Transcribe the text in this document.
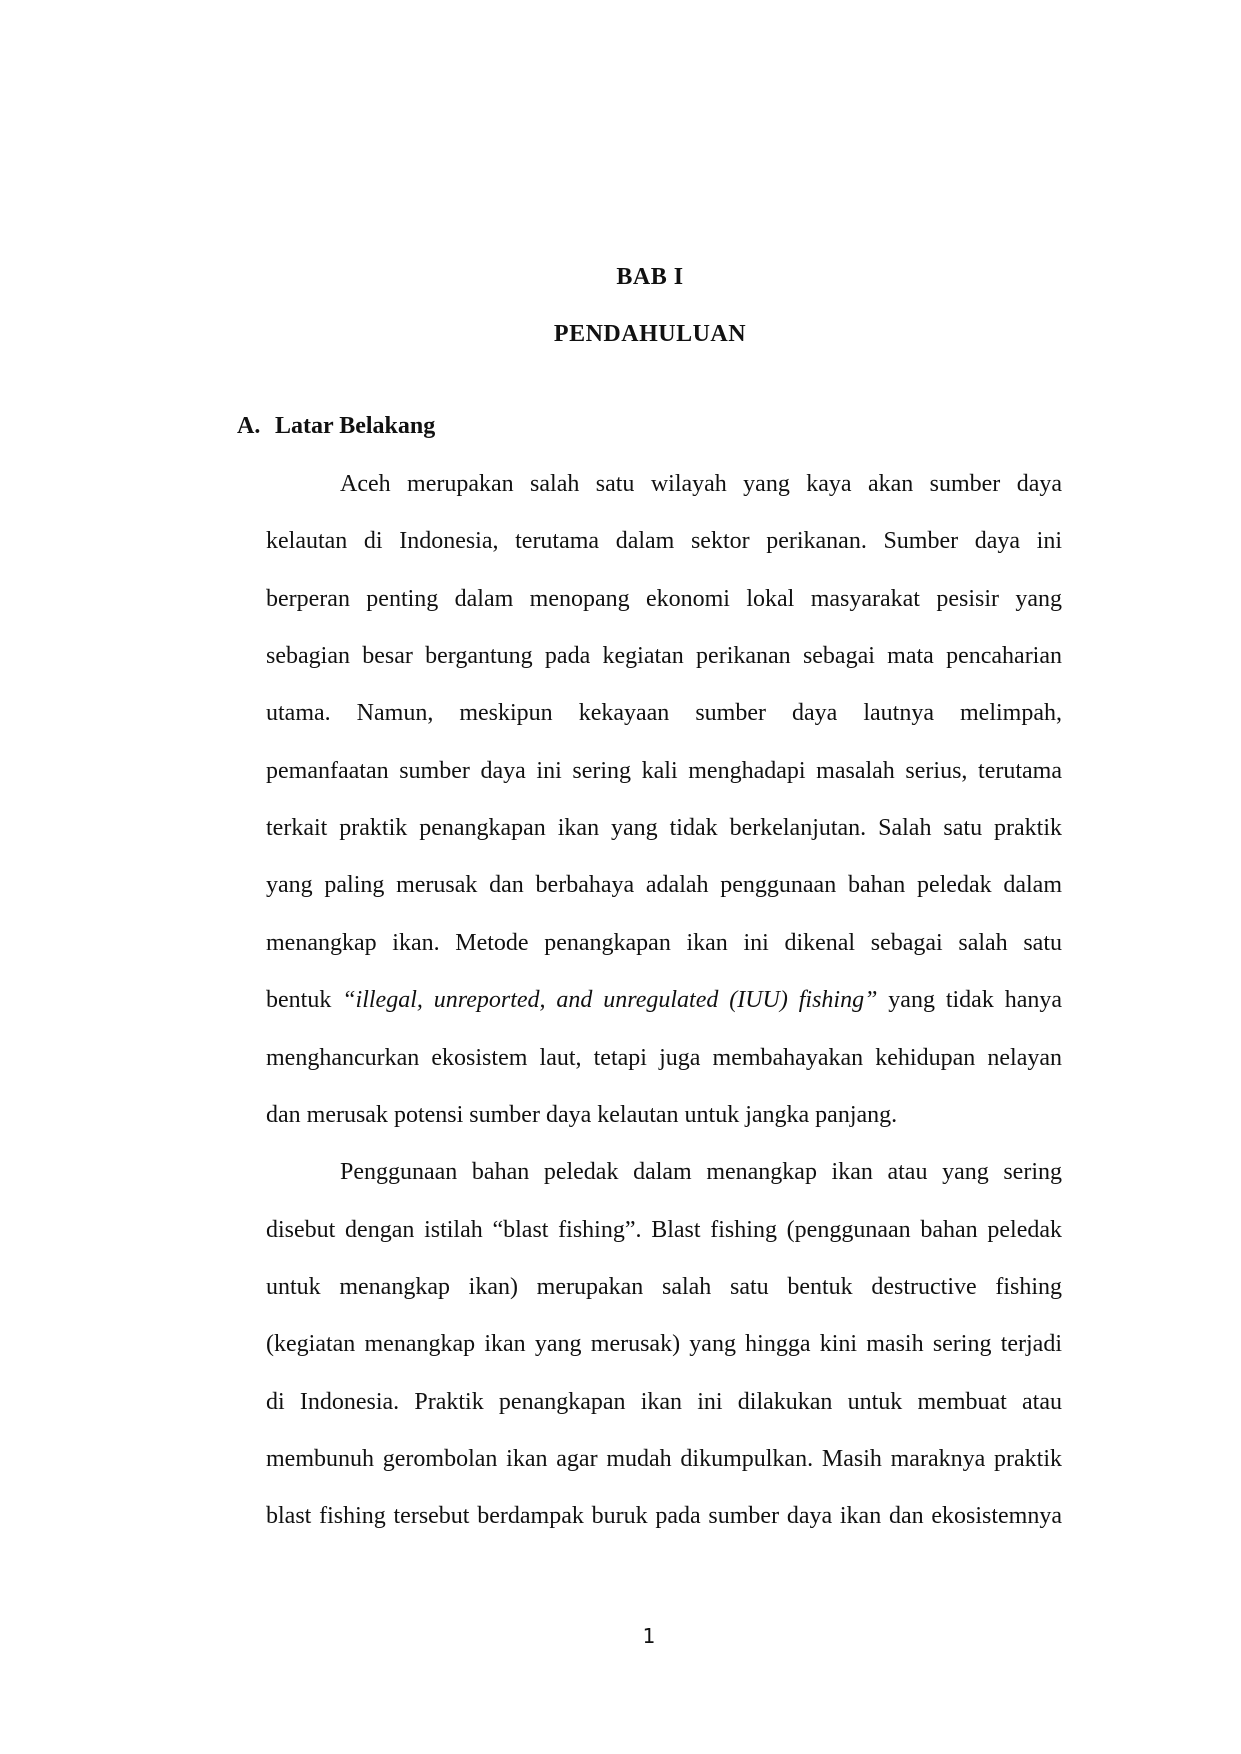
BAB I
PENDAHULUAN
A. Latar Belakang
Aceh merupakan salah satu wilayah yang kaya akan sumber daya
kelautan di Indonesia, terutama dalam sektor perikanan. Sumber daya ini
berperan penting dalam menopang ekonomi lokal masyarakat pesisir yang
sebagian besar bergantung pada kegiatan perikanan sebagai mata pencaharian
utama. Namun, meskipun kekayaan sumber daya lautnya melimpah,
pemanfaatan sumber daya ini sering kali menghadapi masalah serius, terutama
terkait praktik penangkapan ikan yang tidak berkelanjutan. Salah satu praktik
yang paling merusak dan berbahaya adalah penggunaan bahan peledak dalam
menangkap ikan. Metode penangkapan ikan ini dikenal sebagai salah satu
bentuk “illegal, unreported, and unregulated (IUU) fishing” yang tidak hanya
menghancurkan ekosistem laut, tetapi juga membahayakan kehidupan nelayan
dan merusak potensi sumber daya kelautan untuk jangka panjang.
Penggunaan bahan peledak dalam menangkap ikan atau yang sering
disebut dengan istilah “blast fishing”. Blast fishing (penggunaan bahan peledak
untuk menangkap ikan) merupakan salah satu bentuk destructive fishing
(kegiatan menangkap ikan yang merusak) yang hingga kini masih sering terjadi
di Indonesia. Praktik penangkapan ikan ini dilakukan untuk membuat atau
membunuh gerombolan ikan agar mudah dikumpulkan. Masih maraknya praktik
blast fishing tersebut berdampak buruk pada sumber daya ikan dan ekosistemnya
1
